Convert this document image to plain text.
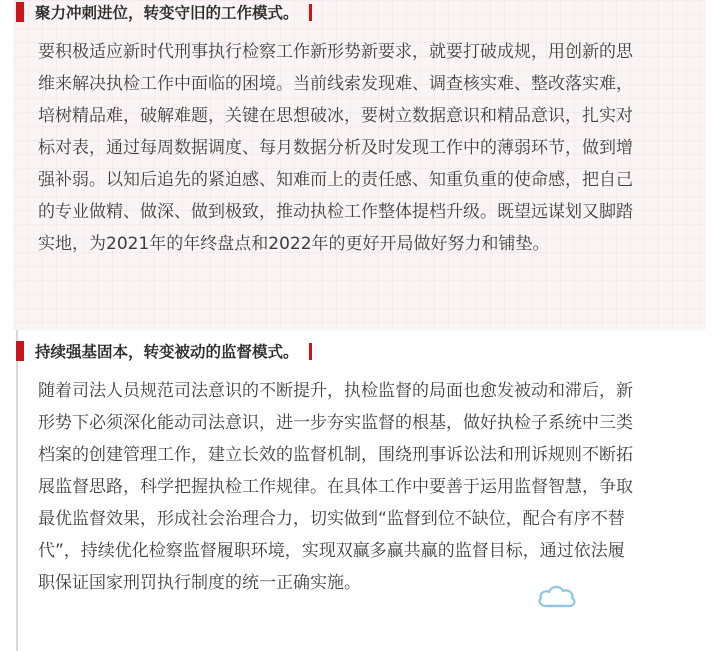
聚力冲刺进位，转变守旧的工作模式。

要积极适应新时代刑事执行检察工作新形势新要求，就要打破成规，用创新的思
维来解决执检工作中面临的困境。当前线索发现难、调查核实难、整改落实难，
培树精品难，破解难题，关键在思想破冰，要树立数据意识和精品意识，扎实对
标对表，通过每周数据调度、每月数据分析及时发现工作中的薄弱环节，做到增
强补弱。以知后追先的紧迫感、知难而上的责任感、知重负重的使命感，把自己
的专业做精、做深、做到极致，推动执检工作整体提档升级。既望远谋划又脚踏
实地，为2021年的年终盘点和2022年的更好开局做好努力和铺垫。

持续强基固本，转变被动的监督模式。

随着司法人员规范司法意识的不断提升，执检监督的局面也愈发被动和滞后，新
形势下必须深化能动司法意识，进一步夯实监督的根基，做好执检子系统中三类
档案的创建管理工作，建立长效的监督机制，围绕刑事诉讼法和刑诉规则不断拓
展监督思路，科学把握执检工作规律。在具体工作中要善于运用监督智慧，争取
最优监督效果，形成社会治理合力，切实做到“监督到位不缺位，配合有序不替
代”，持续优化检察监督履职环境，实现双赢多赢共赢的监督目标，通过依法履
职保证国家刑罚执行制度的统一正确实施。
